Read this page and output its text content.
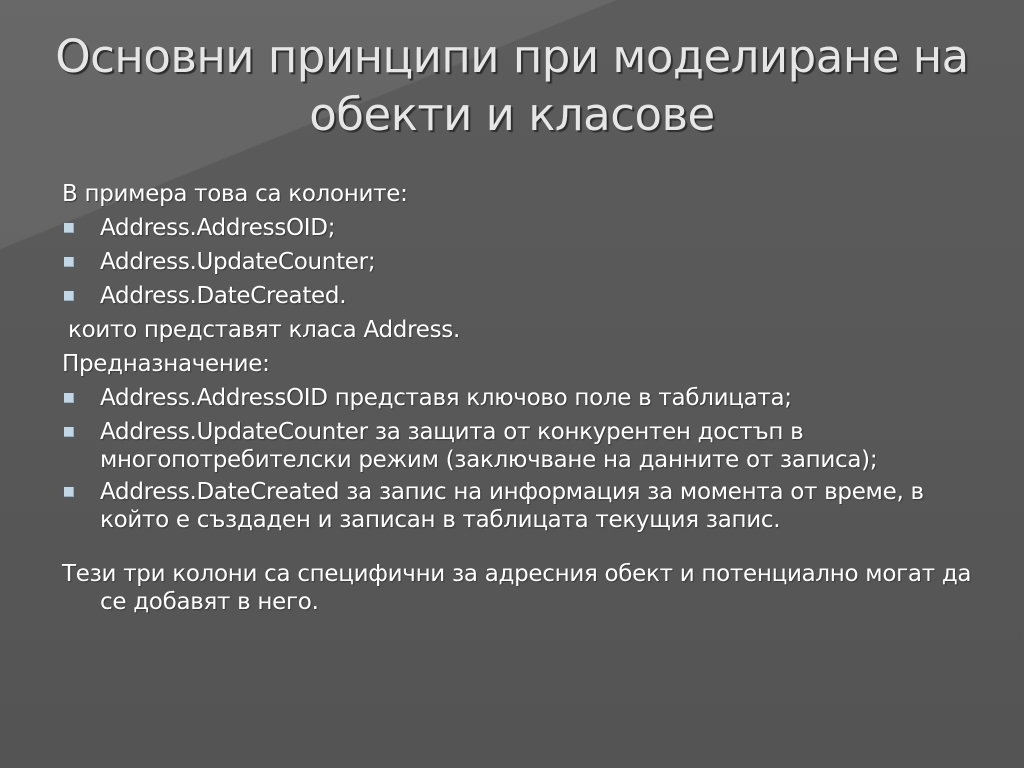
Основни принципи при моделиране на обекти и класове
В примера това са колоните:
Address.AddressOID;
Address.UpdateCounter;
Address.DateCreated.
които представят класа Address.
Предназначение:
Address.AddressOID представя ключово поле в таблицата;
Address.UpdateCounter за защита от конкурентен достъп в многопотребителски режим (заключване на данните от записа);
Address.DateCreated за запис на информация за момента от време, в който е създаден и записан в таблицата текущия запис.
Тези три колони са специфични за адресния обект и потенциално могат да се добавят в него.
